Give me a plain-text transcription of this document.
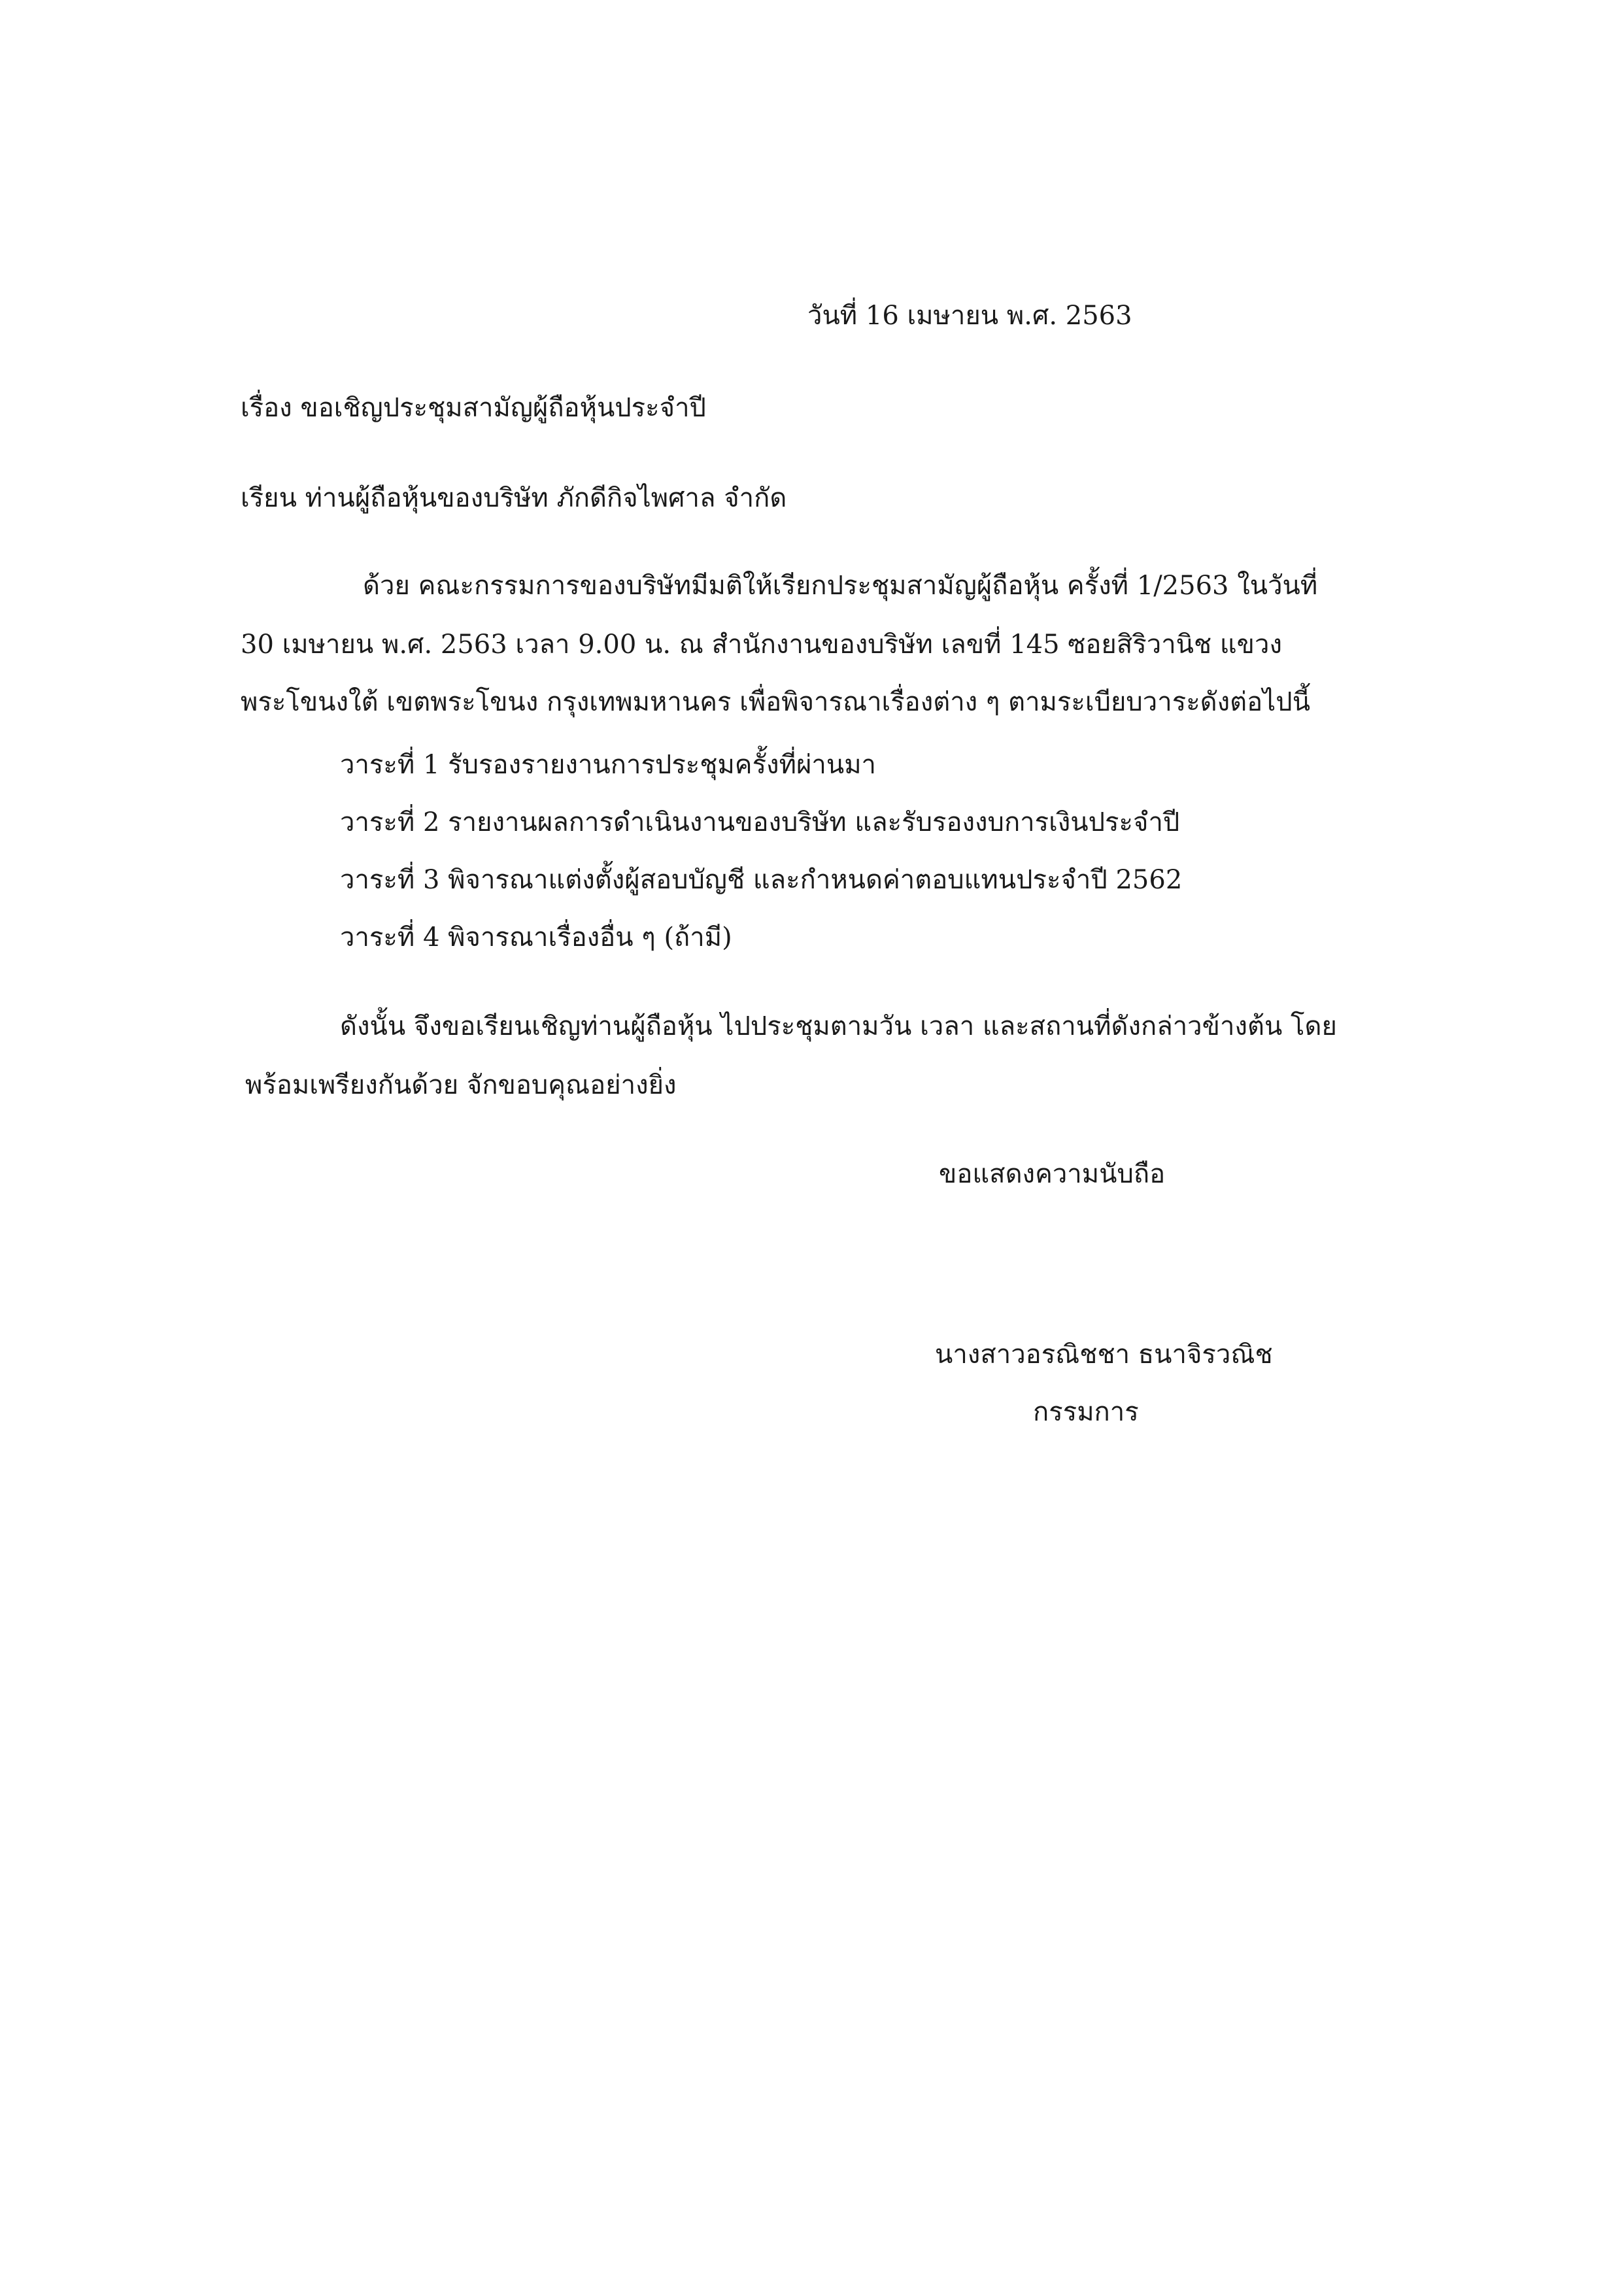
วันที่ 16 เมษายน พ.ศ. 2563
เรื่อง ขอเชิญประชุมสามัญผู้ถือหุ้นประจำปี
เรียน ท่านผู้ถือหุ้นของบริษัท ภักดีกิจไพศาล จำกัด
ด้วย คณะกรรมการของบริษัทมีมติให้เรียกประชุมสามัญผู้ถือหุ้น ครั้งที่ 1/2563 ในวันที่
30 เมษายน พ.ศ. 2563 เวลา 9.00 น. ณ สำนักงานของบริษัท เลขที่ 145 ซอยสิริวานิช แขวง
พระโขนงใต้ เขตพระโขนง กรุงเทพมหานคร เพื่อพิจารณาเรื่องต่าง ๆ ตามระเบียบวาระดังต่อไปนี้
วาระที่ 1 รับรองรายงานการประชุมครั้งที่ผ่านมา
วาระที่ 2 รายงานผลการดำเนินงานของบริษัท และรับรองงบการเงินประจำปี
วาระที่ 3 พิจารณาแต่งตั้งผู้สอบบัญชี และกำหนดค่าตอบแทนประจำปี 2562
วาระที่ 4 พิจารณาเรื่องอื่น ๆ (ถ้ามี)
ดังนั้น จึงขอเรียนเชิญท่านผู้ถือหุ้น ไปประชุมตามวัน เวลา และสถานที่ดังกล่าวข้างต้น โดย
พร้อมเพรียงกันด้วย จักขอบคุณอย่างยิ่ง
ขอแสดงความนับถือ
นางสาวอรณิชชา ธนาจิรวณิช
กรรมการ
